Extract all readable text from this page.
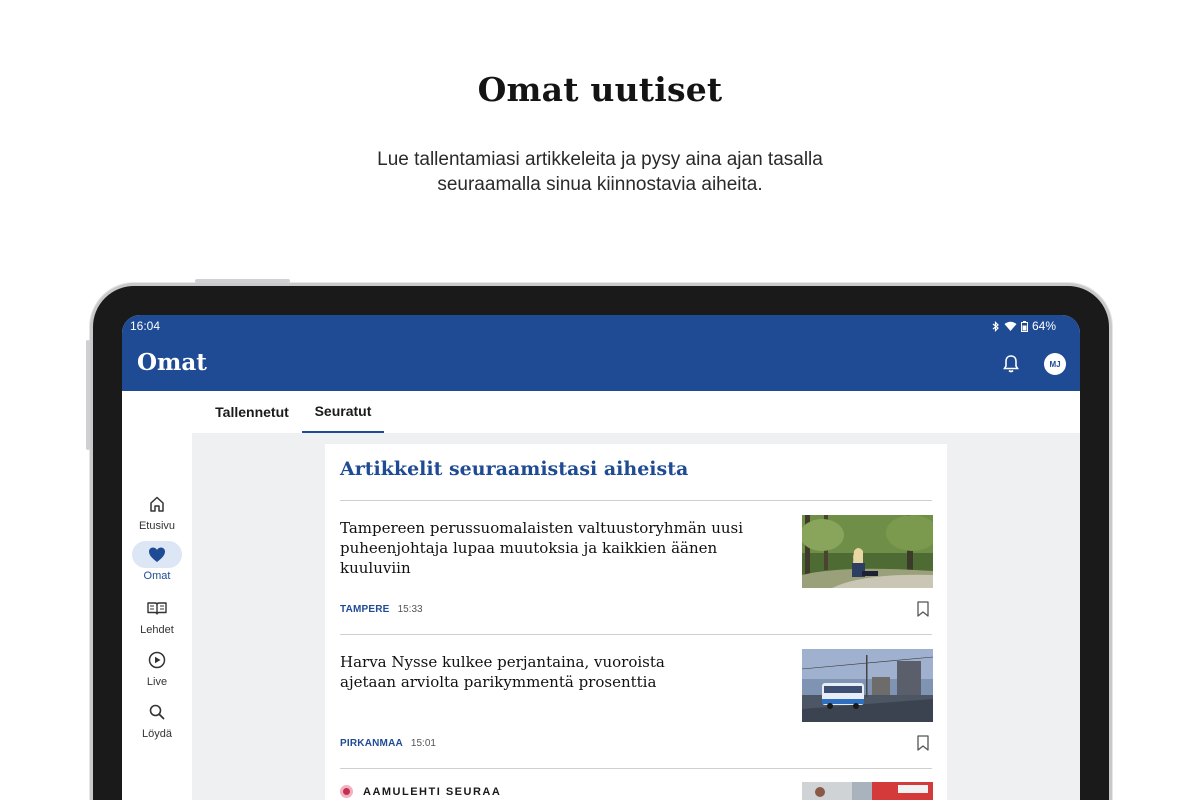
Omat uutiset
Lue tallentamiasi artikkeleita ja pysy aina ajan tasalla
seuraamalla sinua kiinnostavia aiheita.
16:04	64%
Omat	MJ
Tallennetut	Seuratut
Etusivu
Omat
Lehdet
Live
Löydä
Artikkelit seuraamistasi aiheista
Tampereen perussuomalaisten valtuustoryhmän uusi
puheenjohtaja lupaa muutoksia ja kaikkien äänen kuuluviin
TAMPERE 15:33
Harva Nysse kulkee perjantaina, vuoroista
ajetaan arviolta parikymmentä prosenttia
PIRKANMAA 15:01
AAMULEHTI SEURAA
